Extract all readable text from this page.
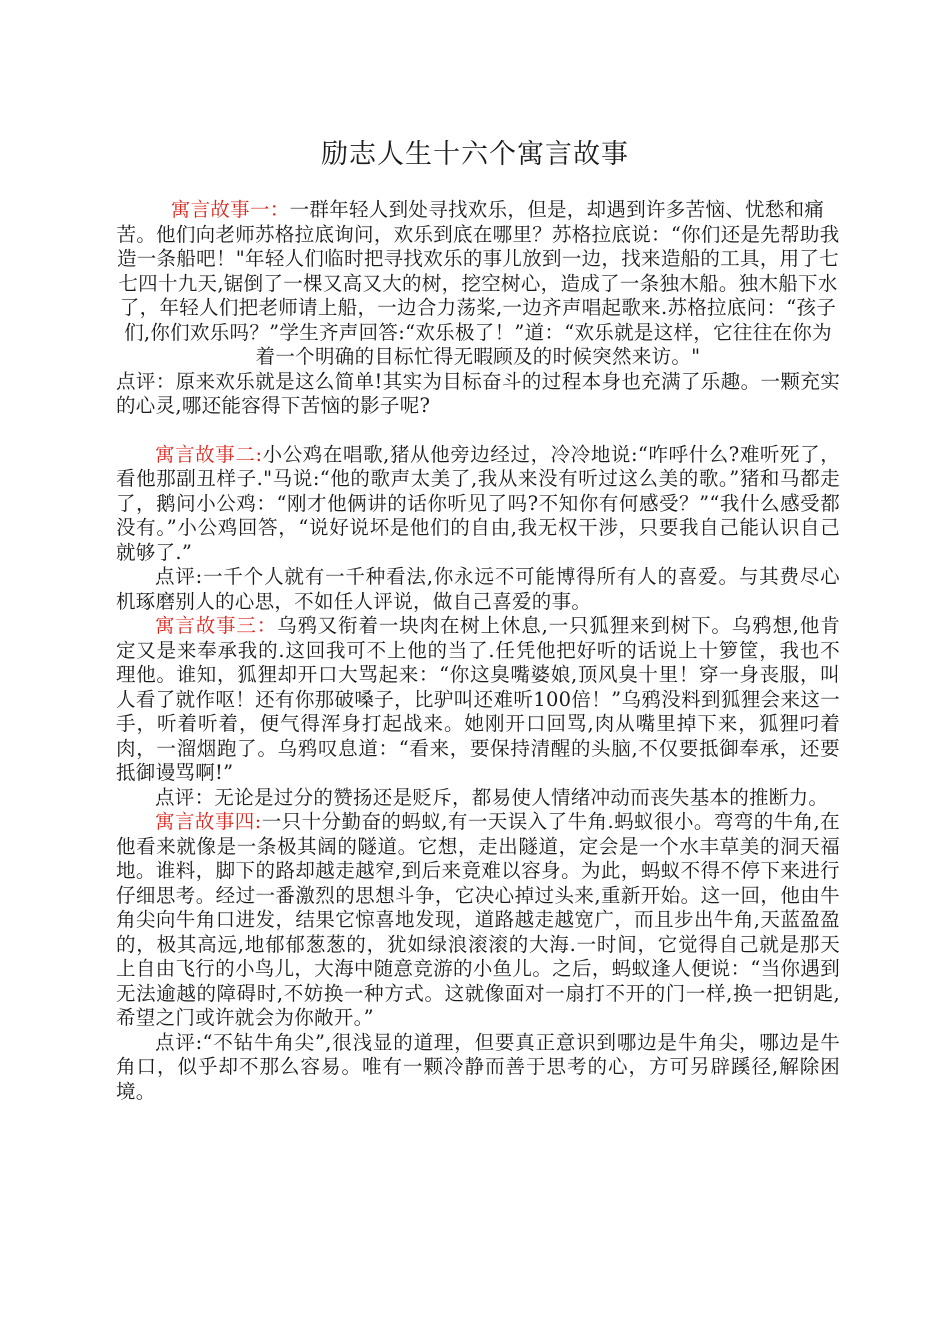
励志人生十六个寓言故事

寓言故事一：一群年轻人到处寻找欢乐，但是，却遇到许多苦恼、忧愁和痛苦。他们向老师苏格拉底询问，欢乐到底在哪里？苏格拉底说：“你们还是先帮助我造一条船吧！"年轻人们临时把寻找欢乐的事儿放到一边，找来造船的工具，用了七七四十九天,锯倒了一棵又高又大的树，挖空树心，造成了一条独木船。独木船下水了，年轻人们把老师请上船，一边合力荡桨,一边齐声唱起歌来.苏格拉底问：“孩子们,你们欢乐吗？”学生齐声回答:“欢乐极了！”道：“欢乐就是这样，它往往在你为着一个明确的目标忙得无暇顾及的时候突然来访。"

点评：原来欢乐就是这么简单!其实为目标奋斗的过程本身也充满了乐趣。一颗充实的心灵,哪还能容得下苦恼的影子呢?

寓言故事二:小公鸡在唱歌,猪从他旁边经过，冷冷地说:“咋呼什么?难听死了，看他那副丑样子."马说:“他的歌声太美了,我从来没有听过这么美的歌。”猪和马都走了，鹅问小公鸡：“刚才他俩讲的话你听见了吗?不知你有何感受？”“我什么感受都没有。”小公鸡回答，“说好说坏是他们的自由,我无权干涉，只要我自己能认识自己就够了.”

点评:一千个人就有一千种看法,你永远不可能博得所有人的喜爱。与其费尽心机琢磨别人的心思，不如任人评说，做自己喜爱的事。

寓言故事三：乌鸦又衔着一块肉在树上休息,一只狐狸来到树下。乌鸦想,他肯定又是来奉承我的.这回我可不上他的当了.任凭他把好听的话说上十箩筐，我也不理他。谁知，狐狸却开口大骂起来：“你这臭嘴婆娘,顶风臭十里！穿一身丧服，叫人看了就作呕！还有你那破嗓子，比驴叫还难听100倍！”乌鸦没料到狐狸会来这一手，听着听着，便气得浑身打起战来。她刚开口回骂,肉从嘴里掉下来，狐狸叼着肉，一溜烟跑了。乌鸦叹息道：“看来，要保持清醒的头脑,不仅要抵御奉承，还要抵御谩骂啊!”

点评：无论是过分的赞扬还是贬斥，都易使人情绪冲动而丧失基本的推断力。

寓言故事四:一只十分勤奋的蚂蚁,有一天误入了牛角.蚂蚁很小。弯弯的牛角,在他看来就像是一条极其阔的隧道。它想，走出隧道，定会是一个水丰草美的洞天福地。谁料，脚下的路却越走越窄,到后来竟难以容身。为此，蚂蚁不得不停下来进行仔细思考。经过一番激烈的思想斗争，它决心掉过头来,重新开始。这一回，他由牛角尖向牛角口进发，结果它惊喜地发现，道路越走越宽广，而且步出牛角,天蓝盈盈的，极其高远,地郁郁葱葱的，犹如绿浪滚滚的大海.一时间，它觉得自己就是那天上自由飞行的小鸟儿，大海中随意竞游的小鱼儿。之后，蚂蚁逢人便说：“当你遇到无法逾越的障碍时,不妨换一种方式。这就像面对一扇打不开的门一样,换一把钥匙,希望之门或许就会为你敞开。”

点评:“不钻牛角尖”,很浅显的道理，但要真正意识到哪边是牛角尖，哪边是牛角口，似乎却不那么容易。唯有一颗冷静而善于思考的心，方可另辟蹊径,解除困境。
